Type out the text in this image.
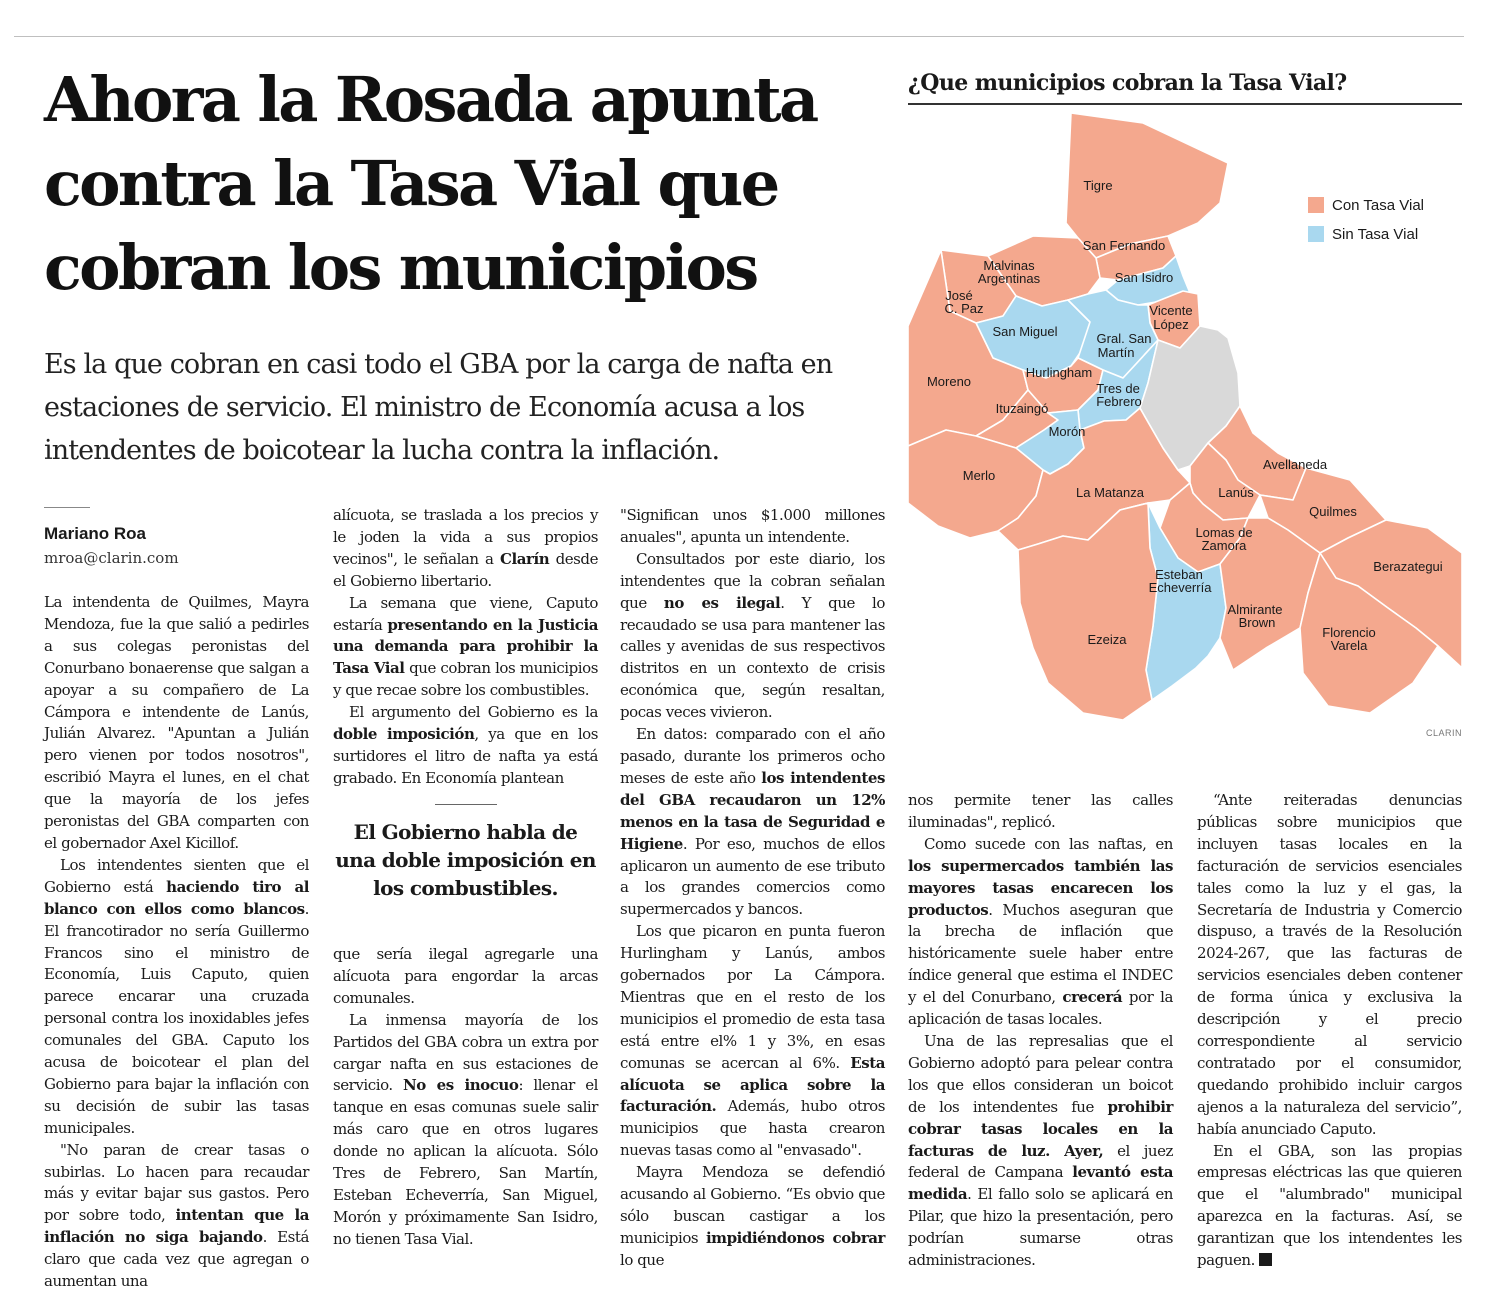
Ahora la Rosada apunta contra la Tasa Vial que cobran los municipios

Es la que cobran en casi todo el GBA por la carga de nafta en estaciones de servicio. El ministro de Economía acusa a los intendentes de boicotear la lucha contra la inflación.

Mariano Roa
mroa@clarin.com

La intendenta de Quilmes, Mayra Mendoza, fue la que salió a pedirles a sus colegas peronistas del Conurbano bonaerense que salgan a apoyar a su compañero de La Cámpora e intendente de Lanús, Julián Alvarez. "Apuntan a Julián pero vienen por todos nosotros", escribió Mayra el lunes, en el chat que la mayoría de los jefes peronistas del GBA comparten con el gobernador Axel Kicillof.

Los intendentes sienten que el Gobierno está haciendo tiro al blanco con ellos como blancos. El francotirador no sería Guillermo Francos sino el ministro de Economía, Luis Caputo, quien parece encarar una cruzada personal contra los inoxidables jefes comunales del GBA. Caputo los acusa de boicotear el plan del Gobierno para bajar la inflación con su decisión de subir las tasas municipales.

"No paran de crear tasas o subirlas. Lo hacen para recaudar más y evitar bajar sus gastos. Pero por sobre todo, intentan que la inflación no siga bajando. Está claro que cada vez que agregan o aumentan una

alícuota, se traslada a los precios y le joden la vida a sus propios vecinos", le señalan a Clarín desde el Gobierno libertario.

La semana que viene, Caputo estaría presentando en la Justicia una demanda para prohibir la Tasa Vial que cobran los municipios y que recae sobre los combustibles.

El argumento del Gobierno es la doble imposición, ya que en los surtidores el litro de nafta ya está grabado. En Economía plantean

El Gobierno habla de una doble imposición en los combustibles.

que sería ilegal agregarle una alícuota para engordar la arcas comunales.

La inmensa mayoría de los Partidos del GBA cobra un extra por cargar nafta en sus estaciones de servicio. No es inocuo: llenar el tanque en esas comunas suele salir más caro que en otros lugares donde no aplican la alícuota. Sólo Tres de Febrero, San Martín, Esteban Echeverría, San Miguel, Morón y próximamente San Isidro, no tienen Tasa Vial.

"Significan unos $1.000 millones anuales", apunta un intendente.

Consultados por este diario, los intendentes que la cobran señalan que no es ilegal. Y que lo recaudado se usa para mantener las calles y avenidas de sus respectivos distritos en un contexto de crisis económica que, según resaltan, pocas veces vivieron.

En datos: comparado con el año pasado, durante los primeros ocho meses de este año los intendentes del GBA recaudaron un 12% menos en la tasa de Seguridad e Higiene. Por eso, muchos de ellos aplicaron un aumento de ese tributo a los grandes comercios como supermercados y bancos.

Los que picaron en punta fueron Hurlingham y Lanús, ambos gobernados por La Cámpora. Mientras que en el resto de los municipios el promedio de esta tasa está entre el% 1 y 3%, en esas comunas se acercan al 6%. Esta alícuota se aplica sobre la facturación. Además, hubo otros municipios que hasta crearon nuevas tasas como al "envasado".

Mayra Mendoza se defendió acusando al Gobierno. “Es obvio que sólo buscan castigar a los municipios impidiéndonos cobrar lo que

nos permite tener las calles iluminadas", replicó.

Como sucede con las naftas, en los supermercados también las mayores tasas encarecen los productos. Muchos aseguran que la brecha de inflación que históricamente suele haber entre índice general que estima el INDEC y el del Conurbano, crecerá por la aplicación de tasas locales.

Una de las represalias que el Gobierno adoptó para pelear contra los que ellos consideran un boicot de los intendentes fue prohibir cobrar tasas locales en la facturas de luz. Ayer, el juez federal de Campana levantó esta medida. El fallo solo se aplicará en Pilar, que hizo la presentación, pero podrían sumarse otras administraciones.

“Ante reiteradas denuncias públicas sobre municipios que incluyen tasas locales en la facturación de servicios esenciales tales como la luz y el gas, la Secretaría de Industria y Comercio dispuso, a través de la Resolución 2024-267, que las facturas de servicios esenciales deben contener de forma única y exclusiva la descripción y el precio correspondiente al servicio contratado por el consumidor, quedando prohibido incluir cargos ajenos a la naturaleza del servicio”, había anunciado Caputo.

En el GBA, son las propias empresas eléctricas las que quieren que el "alumbrado" municipal aparezca en la facturas. Así, se garantizan que los intendentes les paguen.

¿Que municipios cobran la Tasa Vial?
Con Tasa Vial
Sin Tasa Vial
Tigre
San Fernando
San Isidro
Vicente
López
Malvinas
Argentinas
José
C. Paz
San Miguel	Gral. San
Martín
Moreno
Hurlingham
Tres de
Febrero
Ituzaingó
Morón
Merlo
La Matanza
Avellaneda
Lanús
Quilmes
Lomas de
Zamora
Berazategui
Esteban
Echeverría
Almirante
Brown
Ezeiza	Florencio
Varela
CLARIN
